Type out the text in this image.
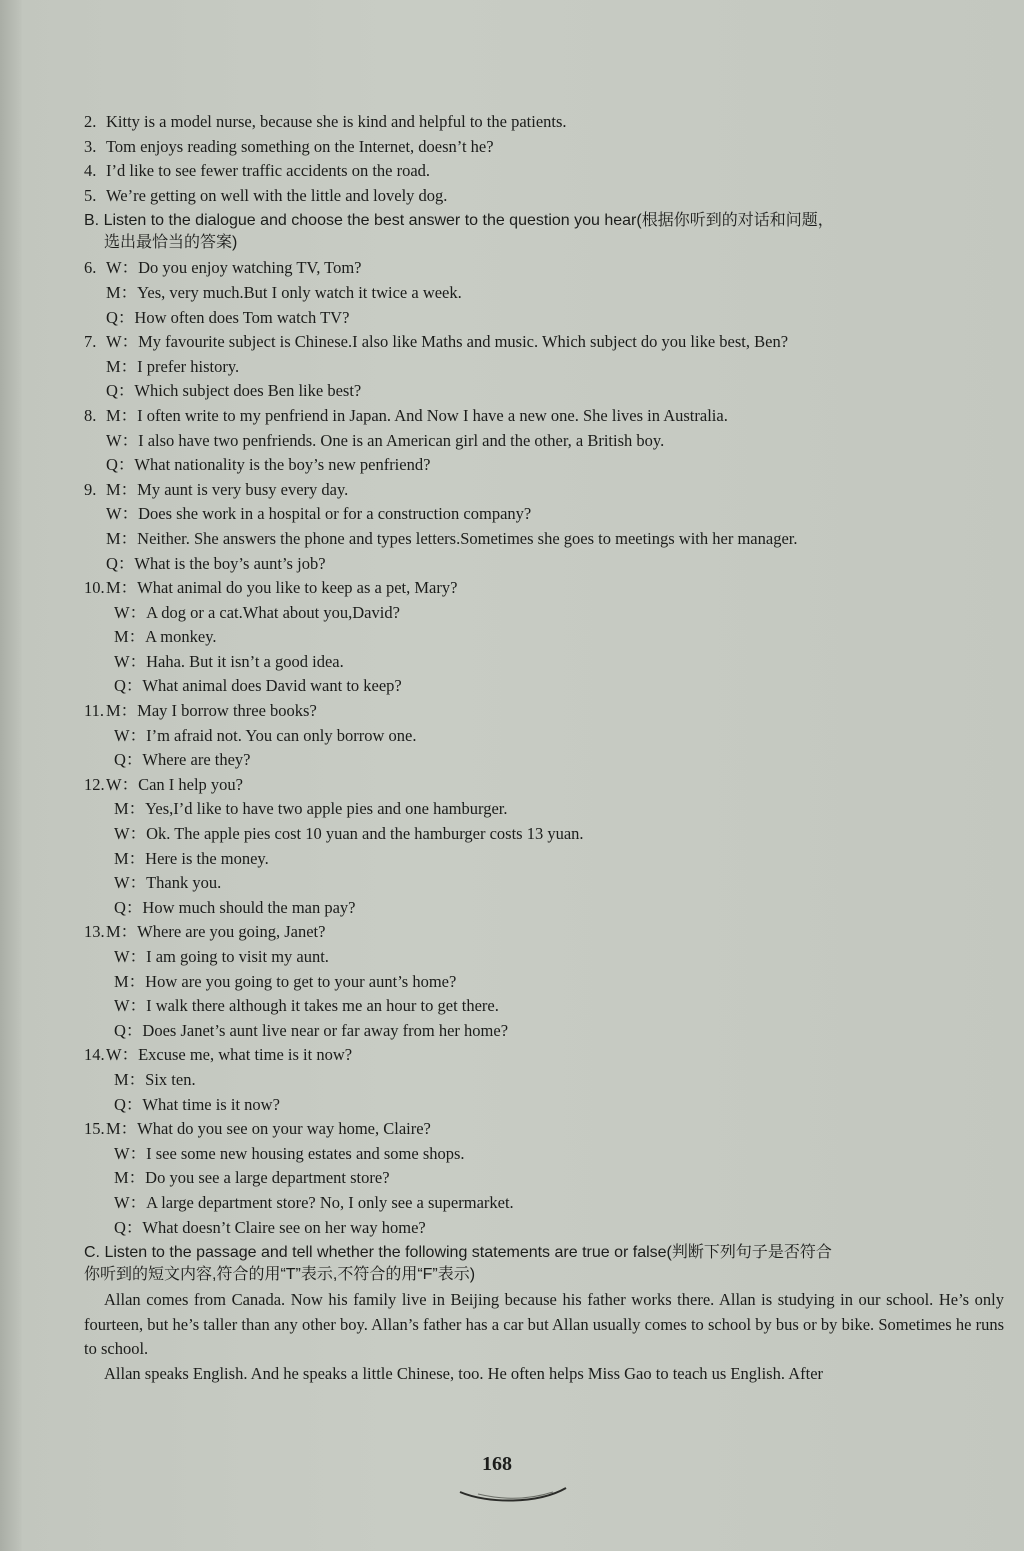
2. Kitty is a model nurse, because she is kind and helpful to the patients.
3. Tom enjoys reading something on the Internet, doesn’t he?
4. I’d like to see fewer traffic accidents on the road.
5. We’re getting on well with the little and lovely dog.
B. Listen to the dialogue and choose the best answer to the question you hear(根据你听到的对话和问题，
选出最恰当的答案)
6. W：Do you enjoy watching TV, Tom?
M：Yes, very much.But I only watch it twice a week.
Q：How often does Tom watch TV?
7. W：My favourite subject is Chinese.I also like Maths and music. Which subject do you like best, Ben?
M：I prefer history.
Q：Which subject does Ben like best?
8. M：I often write to my penfriend in Japan. And Now I have a new one. She lives in Australia.
W：I also have two penfriends. One is an American girl and the other, a British boy.
Q：What nationality is the boy’s new penfriend?
9. M：My aunt is very busy every day.
W：Does she work in a hospital or for a construction company?
M：Neither. She answers the phone and types letters.Sometimes she goes to meetings with her manager.
Q：What is the boy’s aunt’s job?
10.M：What animal do you like to keep as a pet, Mary?
W：A dog or a cat.What about you,David?
M：A monkey.
W：Haha. But it isn’t a good idea.
Q：What animal does David want to keep?
11. M：May I borrow three books?
W：I’m afraid not. You can only borrow one.
Q：Where are they?
12.W：Can I help you?
M：Yes,I’d like to have two apple pies and one hamburger.
W：Ok. The apple pies cost 10 yuan and the hamburger costs 13 yuan.
M：Here is the money.
W：Thank you.
Q：How much should the man pay?
13.M：Where are you going, Janet?
W：I am going to visit my aunt.
M：How are you going to get to your aunt’s home?
W：I walk there although it takes me an hour to get there.
Q：Does Janet’s aunt live near or far away from her home?
14.W：Excuse me, what time is it now?
M：Six ten.
Q：What time is it now?
15.M：What do you see on your way home, Claire?
W：I see some new housing estates and some shops.
M：Do you see a large department store?
W：A large department store? No, I only see a supermarket.
Q：What doesn’t Claire see on her way home?
C. Listen to the passage and tell whether the following statements are true or false(判断下列句子是否符合
你听到的短文内容,符合的用“T”表示,不符合的用“F”表示)
Allan comes from Canada. Now his family live in Beijing because his father works there. Allan is studying in our school. He’s only fourteen, but he’s taller than any other boy. Allan’s father has a car but Allan usually comes to school by bus or by bike. Sometimes he runs to school.
Allan speaks English. And he speaks a little Chinese, too. He often helps Miss Gao to teach us English. After
168
